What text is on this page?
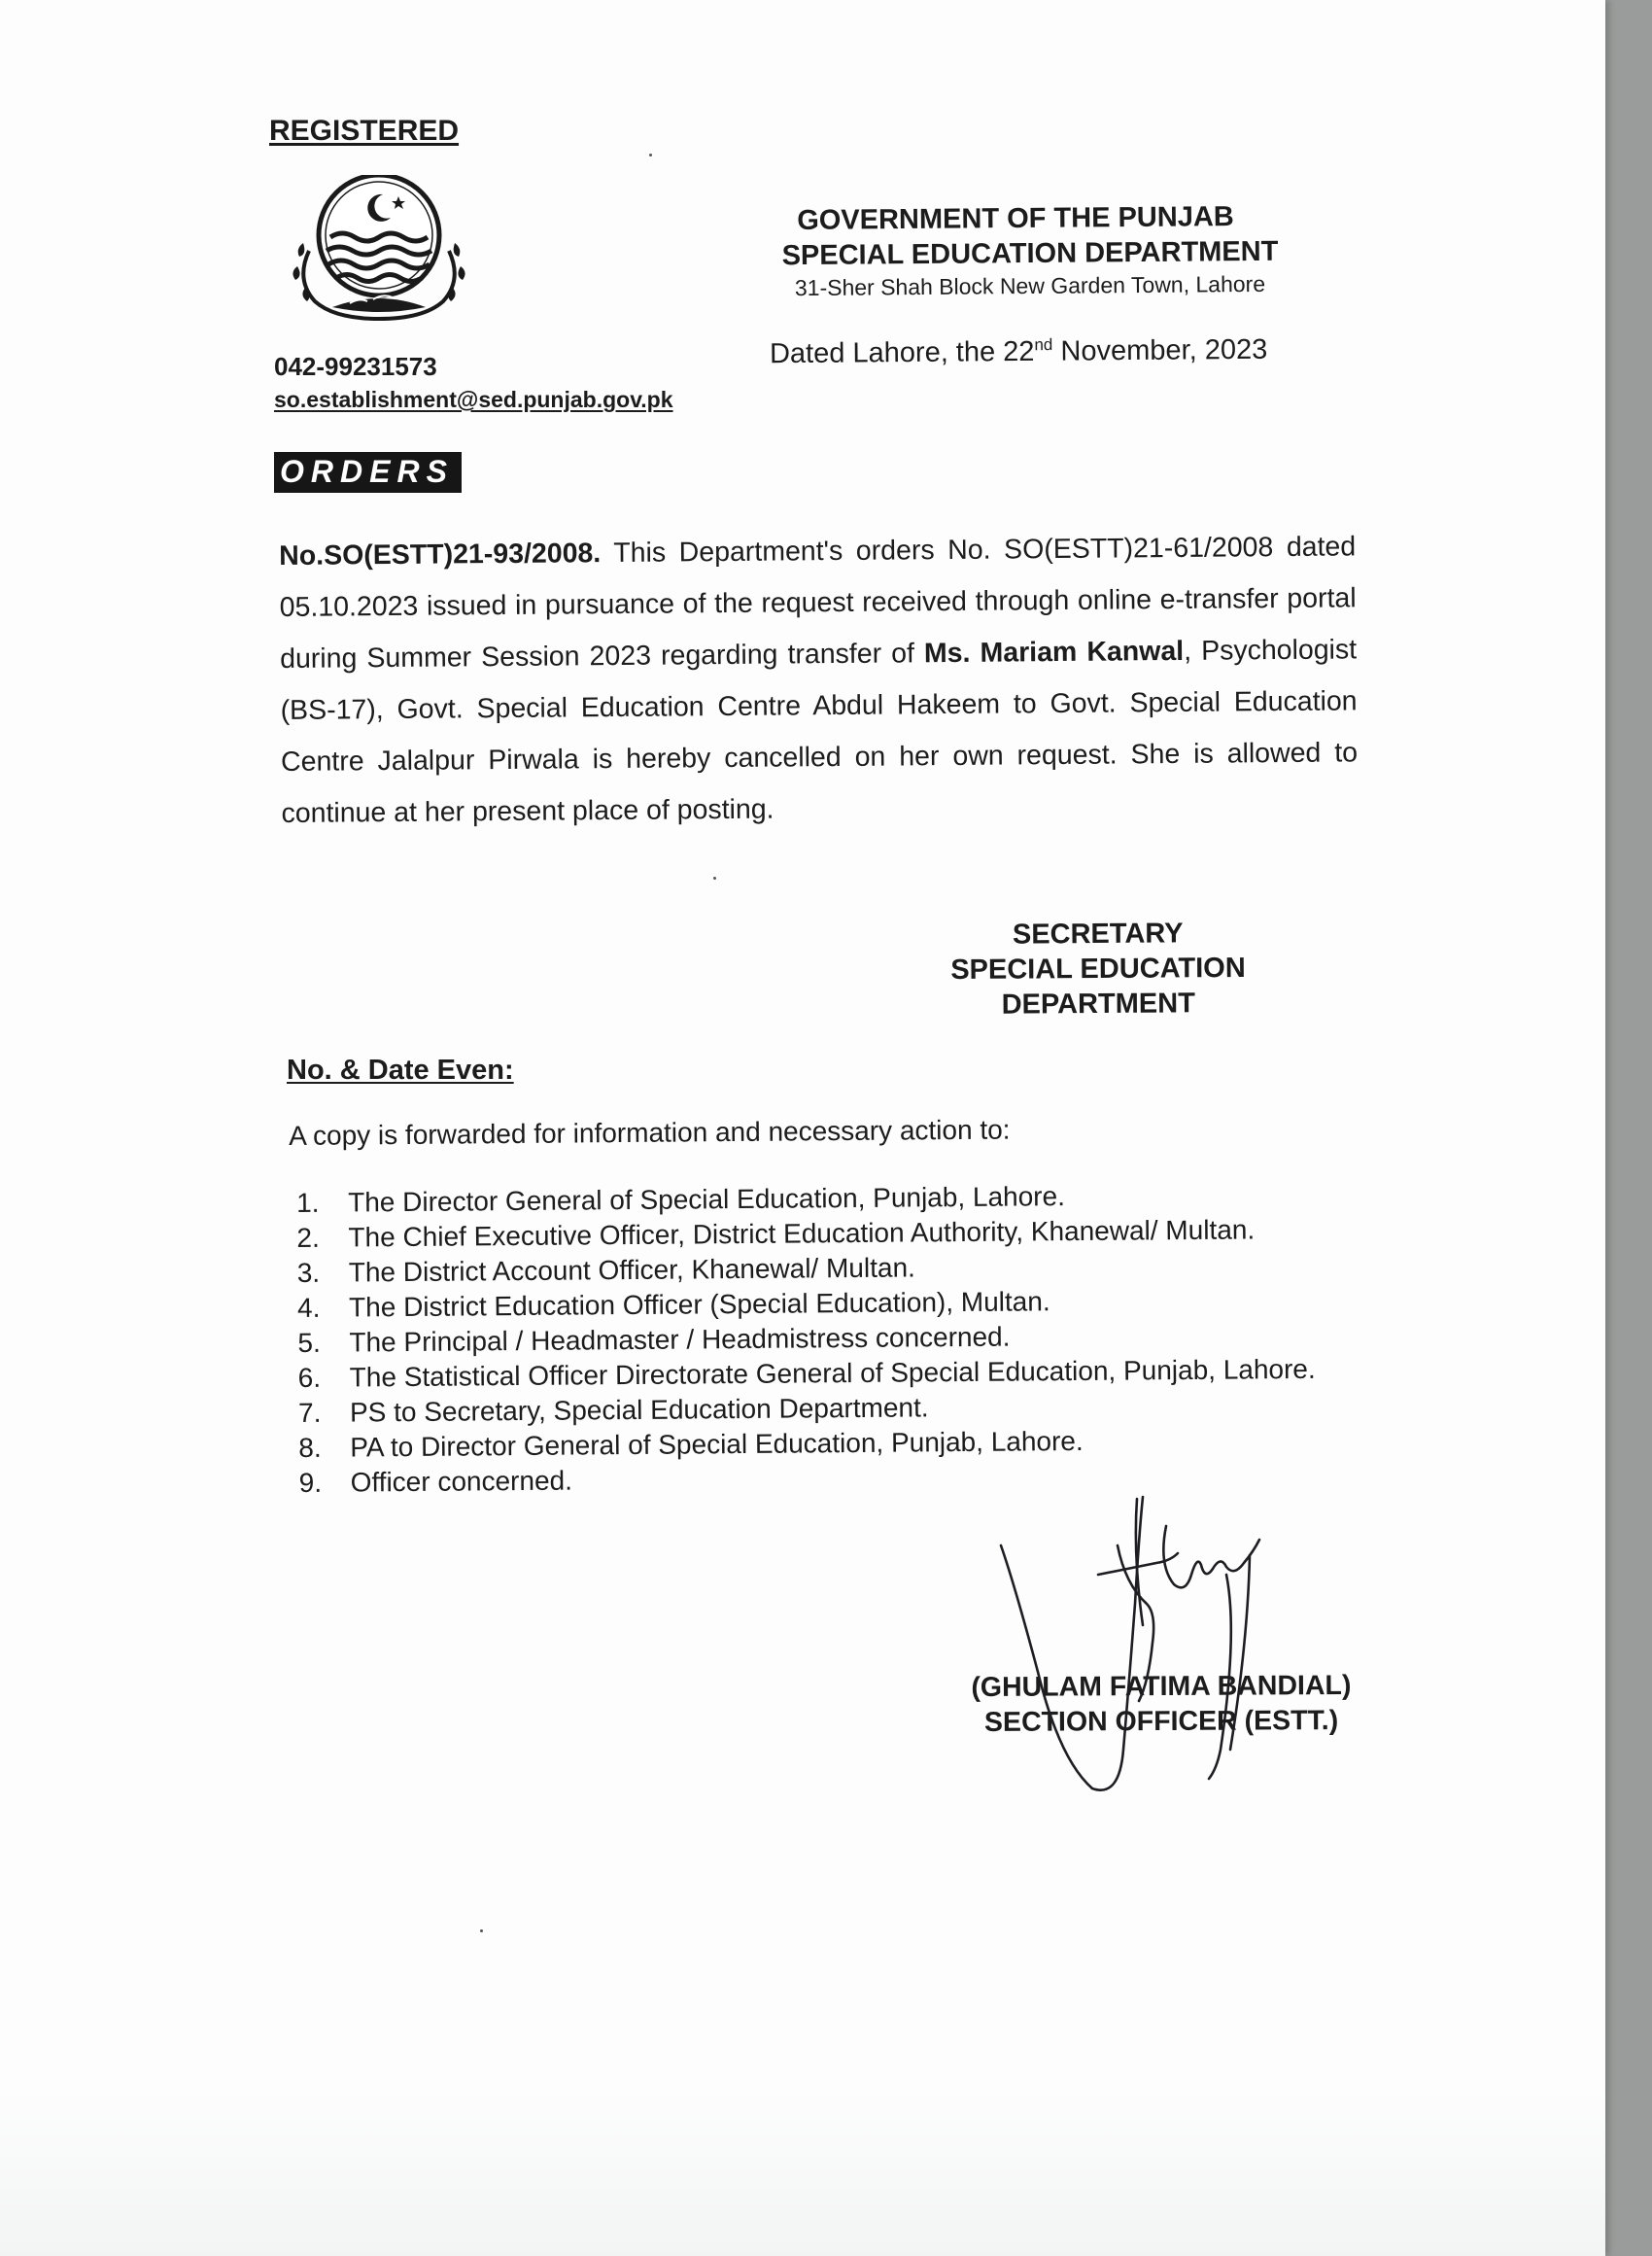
REGISTERED
042-99231573
so.establishment@sed.punjab.gov.pk
GOVERNMENT OF THE PUNJAB
SPECIAL EDUCATION DEPARTMENT
31-Sher Shah Block New Garden Town, Lahore
Dated Lahore, the 22nd November, 2023
ORDERS
No.SO(ESTT)21-93/2008. This Department's orders No. SO(ESTT)21-61/2008 dated 05.10.2023 issued in pursuance of the request received through online e-transfer portal during Summer Session 2023 regarding transfer of Ms. Mariam Kanwal, Psychologist (BS-17), Govt. Special Education Centre Abdul Hakeem to Govt. Special Education Centre Jalalpur Pirwala is hereby cancelled on her own request. She is allowed to continue at her present place of posting.
SECRETARY
SPECIAL EDUCATION
DEPARTMENT
No. & Date Even:
A copy is forwarded for information and necessary action to:
1.	The Director General of Special Education, Punjab, Lahore.
2.	The Chief Executive Officer, District Education Authority, Khanewal/ Multan.
3.	The District Account Officer, Khanewal/ Multan.
4.	The District Education Officer (Special Education), Multan.
5.	The Principal / Headmaster / Headmistress concerned.
6.	The Statistical Officer Directorate General of Special Education, Punjab, Lahore.
7.	PS to Secretary, Special Education Department.
8.	PA to Director General of Special Education, Punjab, Lahore.
9.	Officer concerned.
(GHULAM FATIMA BANDIAL)
SECTION OFFICER (ESTT.)
